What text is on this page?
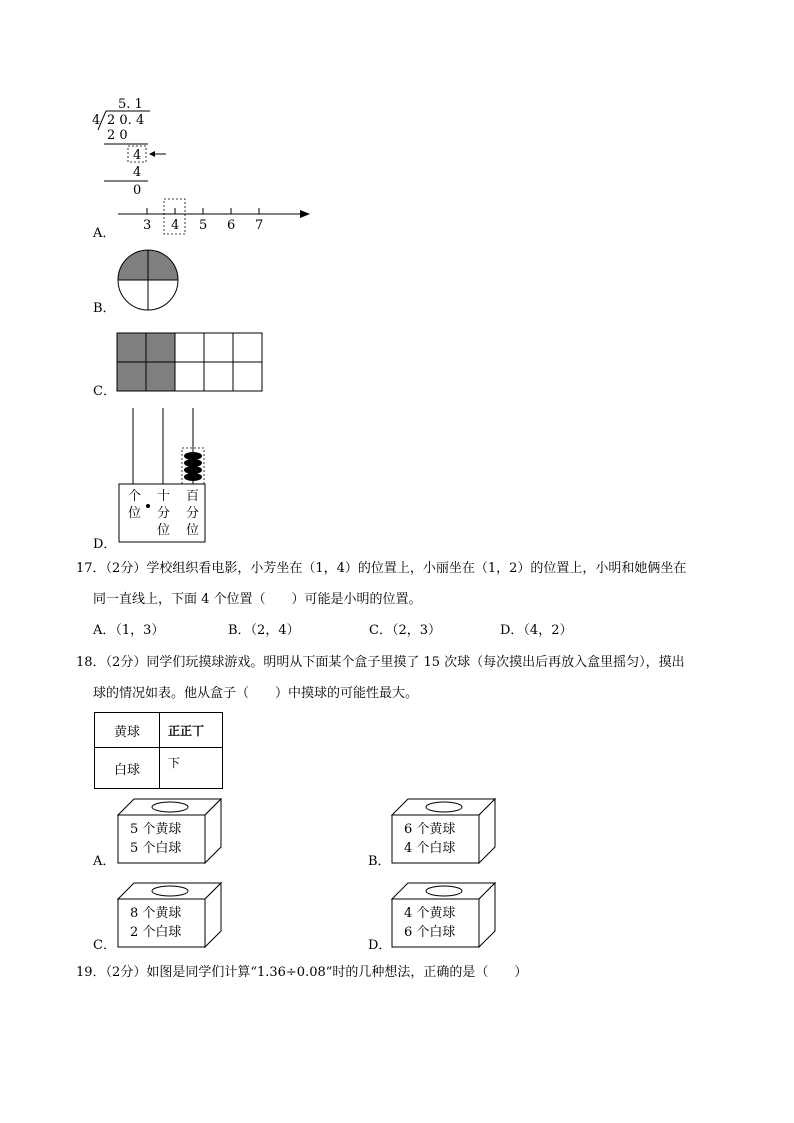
5. 1
4 2 0. 4
2 0
4
4
0
3 4 5 6 7
A．
B．
C．
个
位
十
分
位
百
分
位
D．
17．（2分）学校组织看电影，小芳坐在（1，4）的位置上，小丽坐在（1，2）的位置上，小明和她俩坐在
同一直线上，下面 4 个位置（　　）可能是小明的位置。
A．（1，3）	B．（2，4）	C．（2，3）	D．（4，2）
18．（2分）同学们玩摸球游戏。明明从下面某个盒子里摸了 15 次球（每次摸出后再放入盒里摇匀），摸出
球的情况如表。他从盒子（　　）中摸球的可能性最大。
黄球	正正丅
白球	下
5 个黄球
5 个白球
A．
6 个黄球
4 个白球
B．
8 个黄球
2 个白球
C．
4 个黄球
6 个白球
D．
19．（2分）如图是同学们计算“1.36÷0.08”时的几种想法，正确的是（　　）
